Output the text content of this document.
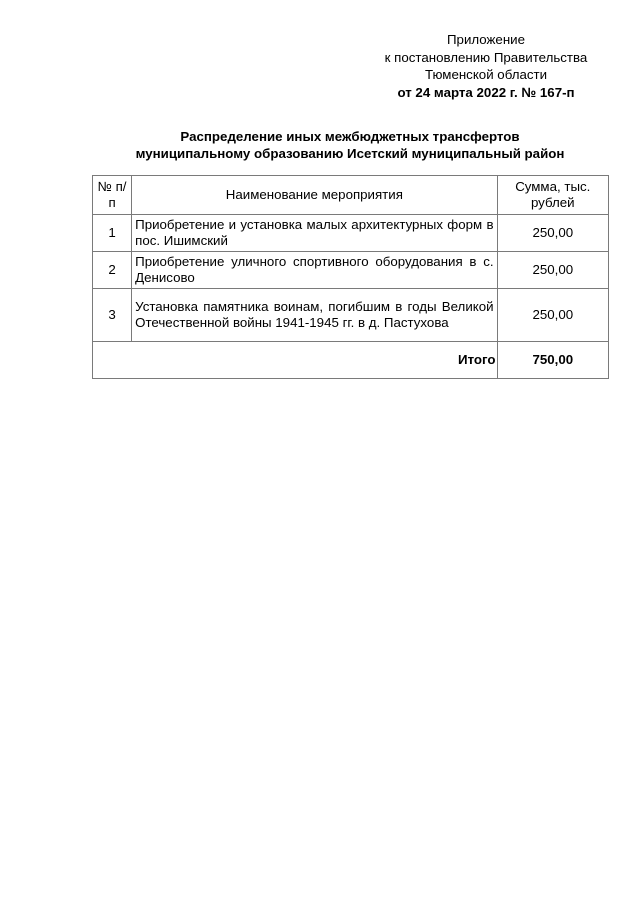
Приложение
к постановлению Правительства
Тюменской области
от 24 марта 2022 г. № 167-п
Распределение иных межбюджетных трансфертов
муниципальному образованию Исетский муниципальный район
№ п/п	Наименование мероприятия	Сумма, тыс. рублей
1	Приобретение и установка малых архитектурных форм в пос. Ишимский	250,00
2	Приобретение уличного спортивного оборудования в с. Денисово	250,00
3	Установка памятника воинам, погибшим в годы Великой Отечественной войны 1941-1945 гг. в д. Пастухова	250,00
Итого		750,00
